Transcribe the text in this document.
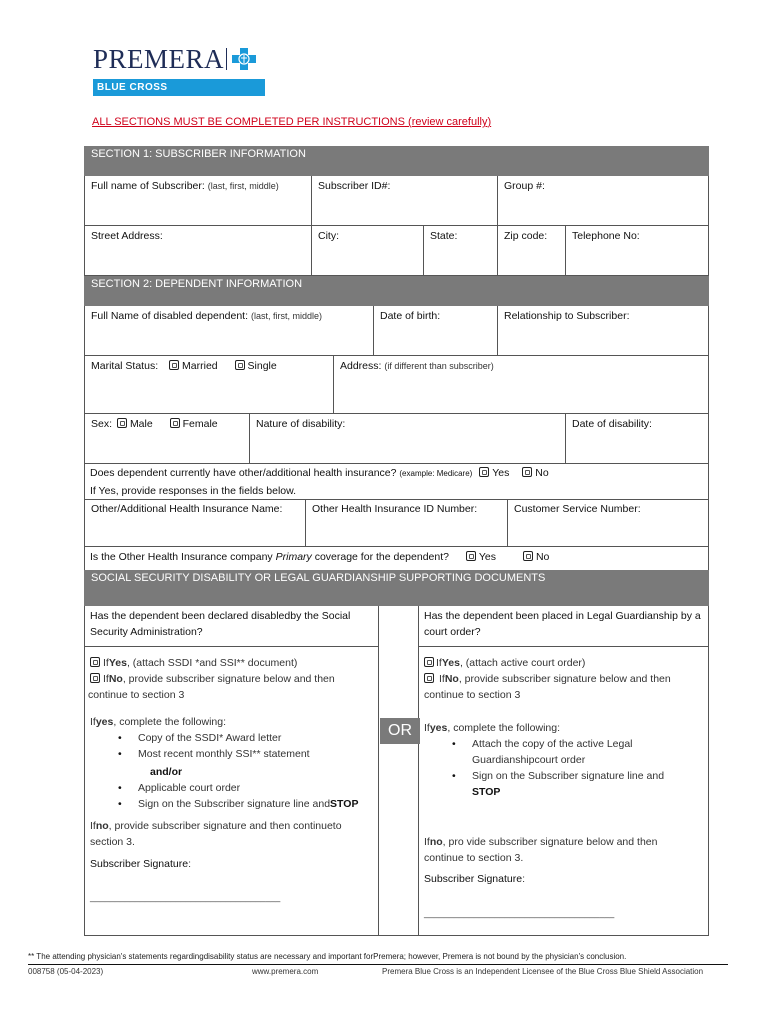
PREMERA
BLUE CROSS
ALL SECTIONS MUST BE COMPLETED PER INSTRUCTIONS (review carefully)
SECTION 1: SUBSCRIBER INFORMATION
Full name of Subscriber: (last, first, middle)	Subscriber ID#:	Group #:
Street Address:	City:	State:	Zip code:	Telephone No:
SECTION 2: DEPENDENT INFORMATION
Full Name of disabled dependent: (last, first, middle)	Date of birth:	Relationship to Subscriber:
Marital Status: Married	Single	Address: (if different than subscriber)
Sex: Male	Female	Nature of disability:	Date of disability:
Does dependent currently have other/additional health insurance? (example: Medicare) Yes No
If Yes, provide responses in the fields below.
Other/Additional Health Insurance Name:	Other Health Insurance ID Number:	Customer Service Number:
Is the Other Health Insurance company Primary coverage for the dependent?	Yes	No
SOCIAL SECURITY DISABILITY OR LEGAL GUARDIANSHIP SUPPORTING DOCUMENTS
OR
Has the dependent been declared disabledby the Social Security Administration?
IfYes, (attach SSDI *and SSI** document)
IfNo, provide subscriber signature below and then continue to section 3
Ifyes, complete the following:
• Copy of the SSDI* Award letter
• Most recent monthly SSI** statement
and/or
• Applicable court order
• Sign on the Subscriber signature line andSTOP
Ifno, provide subscriber signature and then continueto section 3.
Subscriber Signature:
______________________________________
Has the dependent been placed in Legal Guardianship by a court order?
IfYes, (attach active court order)
IfNo, provide subscriber signature below and then continue to section 3
Ifyes, complete the following:
• Attach the copy of the active Legal Guardianshipcourt order
• Sign on the Subscriber signature line and
STOP
Ifno, pro vide subscriber signature below and then continue to section 3.
Subscriber Signature:
______________________________________
** The attending physician's statements regardingdisability status are necessary and important forPremera; however, Premera is not bound by the physician's conclusion.
008758 (05-04-2023)	www.premera.com	Premera Blue Cross is an Independent Licensee of the Blue Cross Blue Shield Association
